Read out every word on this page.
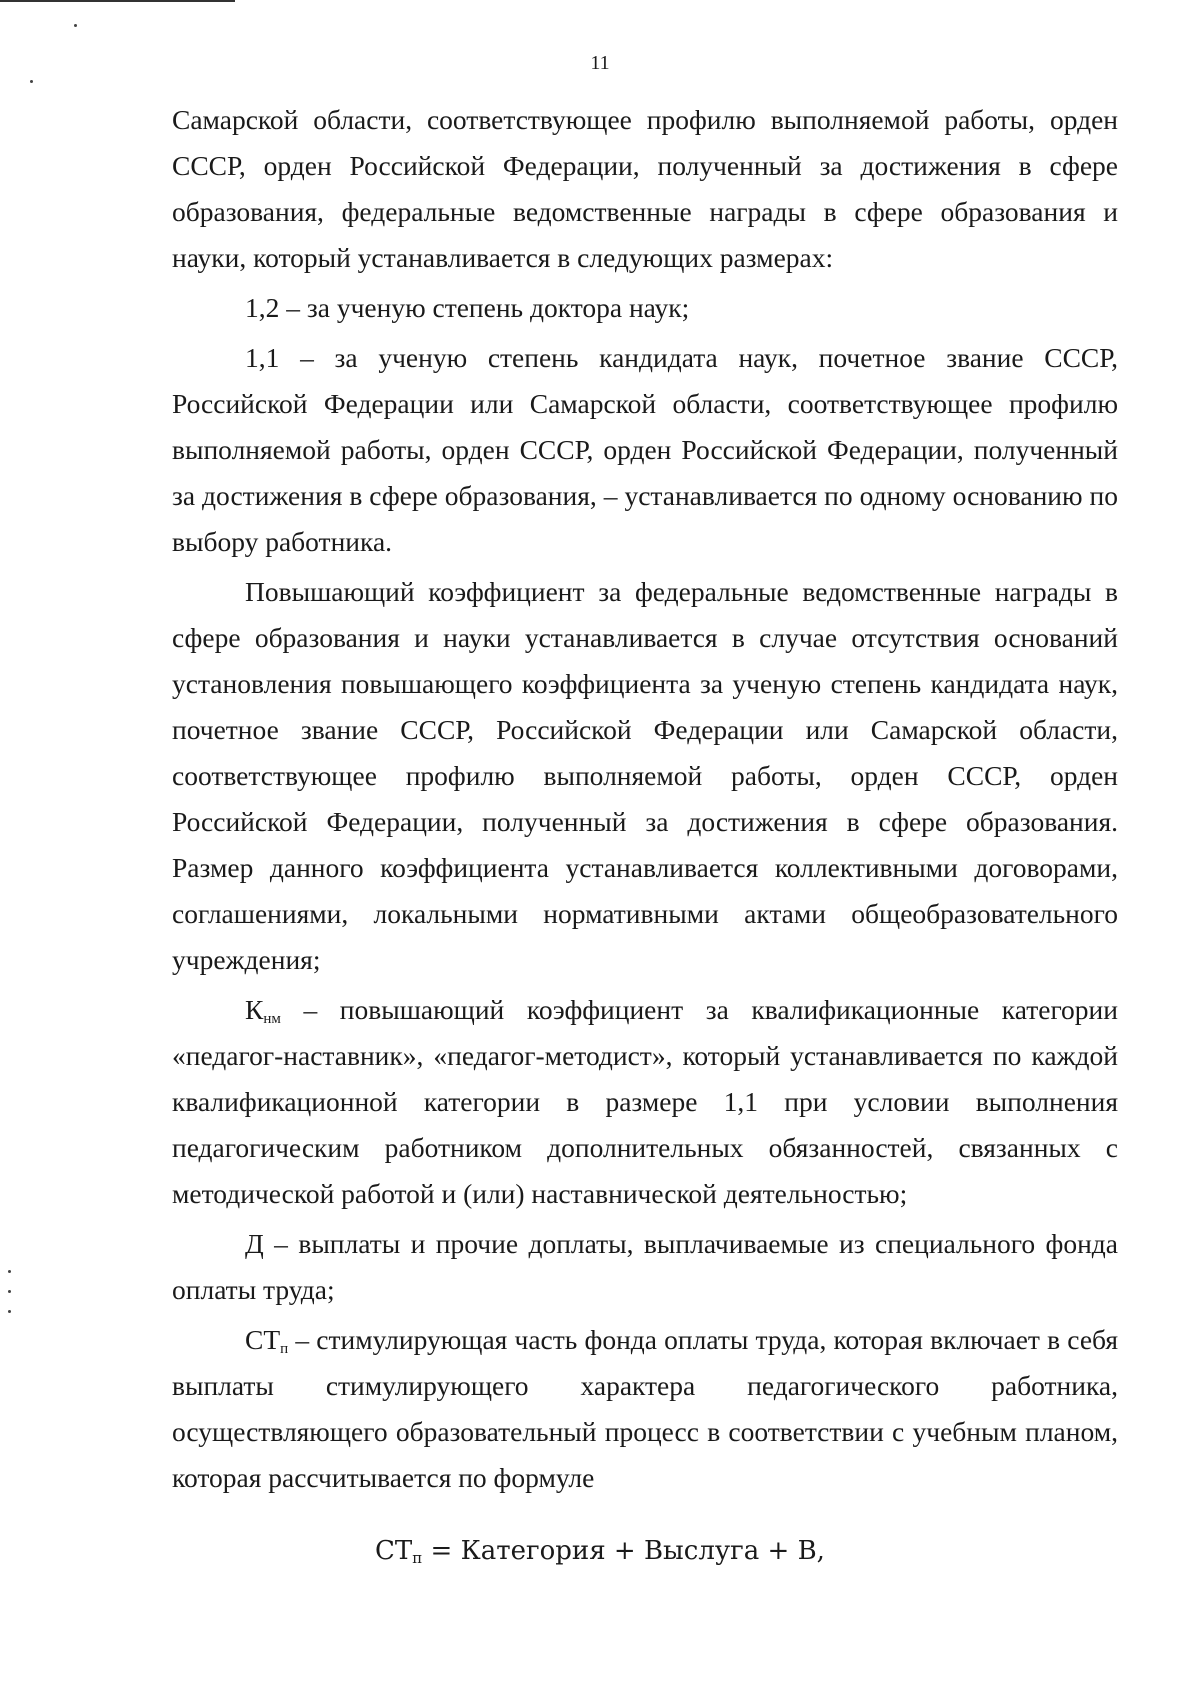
11

Самарской области, соответствующее профилю выполняемой работы, орден СССР, орден Российской Федерации, полученный за достижения в сфере образования, федеральные ведомственные награды в сфере образования и науки, который устанавливается в следующих размерах:

1,2 – за ученую степень доктора наук;

1,1 – за ученую степень кандидата наук, почетное звание СССР, Российской Федерации или Самарской области, соответствующее профилю выполняемой работы, орден СССР, орден Российской Федерации, полученный за достижения в сфере образования, – устанавливается по одному основанию по выбору работника.

Повышающий коэффициент за федеральные ведомственные награды в сфере образования и науки устанавливается в случае отсутствия оснований установления повышающего коэффициента за ученую степень кандидата наук, почетное звание СССР, Российской Федерации или Самарской области, соответствующее профилю выполняемой работы, орден СССР, орден Российской Федерации, полученный за достижения в сфере образования. Размер данного коэффициента устанавливается коллективными договорами, соглашениями, локальными нормативными актами общеобразовательного учреждения;

$К_{нм}$ – повышающий коэффициент за квалификационные категории «педагог-наставник», «педагог-методист», который устанавливается по каждой квалификационной категории в размере 1,1 при условии выполнения педагогическим работником дополнительных обязанностей, связанных с методической работой и (или) наставнической деятельностью;

Д – выплаты и прочие доплаты, выплачиваемые из специального фонда оплаты труда;

$СТ_п$ – стимулирующая часть фонда оплаты труда, которая включает в себя выплаты стимулирующего характера педагогического работника, осуществляющего образовательный процесс в соответствии с учебным планом, которая рассчитывается по формуле

$СТ_п$ = Категория + Выслуга + В,
